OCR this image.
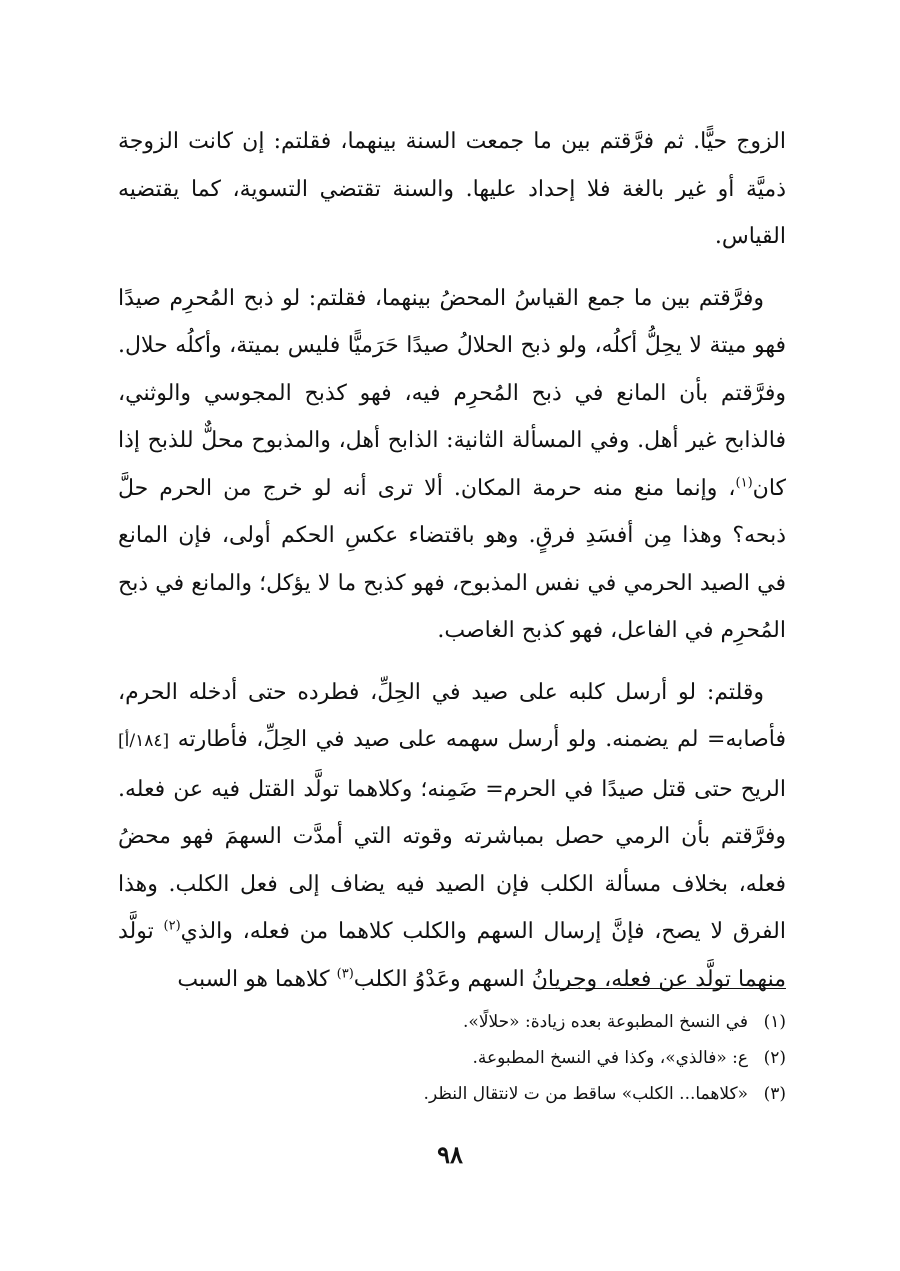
الزوج حيًّا. ثم فرَّقتم بين ما جمعت السنة بينهما، فقلتم: إن كانت الزوجة ذميَّة أو غير بالغة فلا إحداد عليها. والسنة تقتضي التسوية، كما يقتضيه القياس.

وفرَّقتم بين ما جمع القياسُ المحضُ بينهما، فقلتم: لو ذبح المُحرِم صيدًا فهو ميتة لا يحِلُّ أكلُه، ولو ذبح الحلالُ صيدًا حَرَميًّا فليس بميتة، وأكلُه حلال. وفرَّقتم بأن المانع في ذبح المُحرِم فيه، فهو كذبح المجوسي والوثني، فالذابح غير أهل. وفي المسألة الثانية: الذابح أهل، والمذبوح محلٌّ للذبح إذا كان$^{(١)}$، وإنما منع منه حرمة المكان. ألا ترى أنه لو خرج من الحرم حلَّ ذبحه؟ وهذا مِن أفسَدِ فرقٍ. وهو باقتضاء عكسِ الحكم أولى، فإن المانع في الصيد الحرمي في نفس المذبوح، فهو كذبح ما لا يؤكل؛ والمانع في ذبح المُحرِم في الفاعل، فهو كذبح الغاصب.

وقلتم: لو أرسل كلبه على صيد في الحِلِّ، فطرده حتى أدخله الحرم، فأصابه= لم يضمنه. ولو أرسل سهمه على صيد في الحِلِّ، فأطارته [١٨٤/أ] الريح حتى قتل صيدًا في الحرم= ضَمِنه؛ وكلاهما تولَّد القتل فيه عن فعله. وفرَّقتم بأن الرمي حصل بمباشرته وقوته التي أمدَّت السهمَ فهو محضُ فعله، بخلاف مسألة الكلب فإن الصيد فيه يضاف إلى فعل الكلب. وهذا الفرق لا يصح، فإنَّ إرسال السهم والكلب كلاهما من فعله، والذي$^{(٢)}$ تولَّد منهما تولَّد عن فعله، وجريانُ السهم وعَدْوُ الكلب$^{(٣)}$ كلاهما هو السبب

(١)في النسخ المطبوعة بعده زيادة: «حلالًا».
(٢)ع: «فالذي»، وكذا في النسخ المطبوعة.
(٣)«كلاهما... الكلب» ساقط من ت لانتقال النظر.
٩٨
